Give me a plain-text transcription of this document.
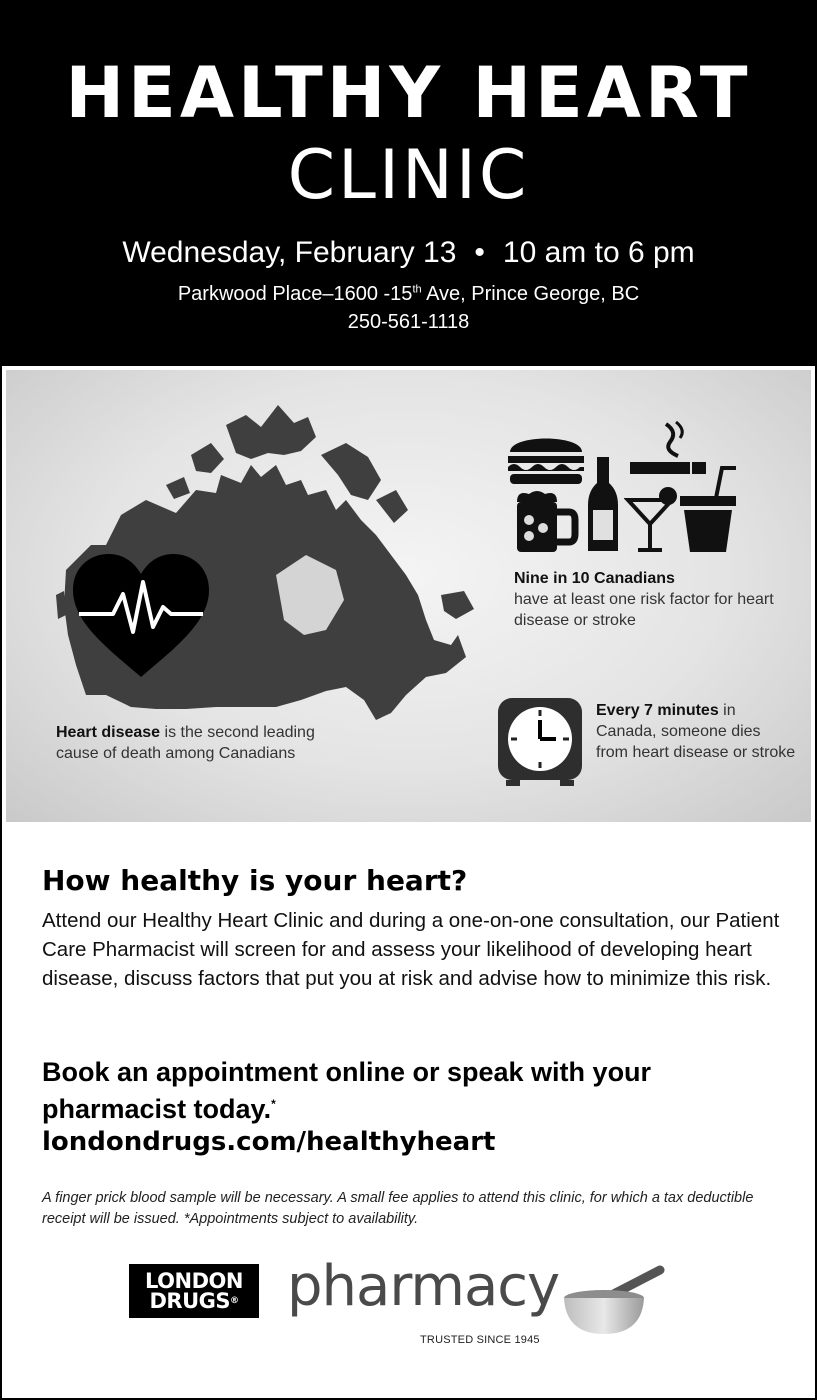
HEALTHY HEART
CLINIC
Wednesday, February 13 • 10 am to 6 pm
Parkwood Place–1600 -15th Ave, Prince George, BC
250-561-1118
Nine in 10 Canadians
have at least one risk factor for heart disease or stroke
Every 7 minutes in Canada, someone dies from heart disease or stroke
Heart disease is the second leading cause of death among Canadians
How healthy is your heart?
Attend our Healthy Heart Clinic and during a one-on-one consultation, our Patient Care Pharmacist will screen for and assess your likelihood of developing heart disease, discuss factors that put you at risk and advise how to minimize this risk.
Book an appointment online or speak with your pharmacist today.*
londondrugs.com/healthyheart
A finger prick blood sample will be necessary. A small fee applies to attend this clinic, for which a tax deductible receipt will be issued. *Appointments subject to availability.
LONDON
DRUGS® pharmacy
TRUSTED SINCE 1945
